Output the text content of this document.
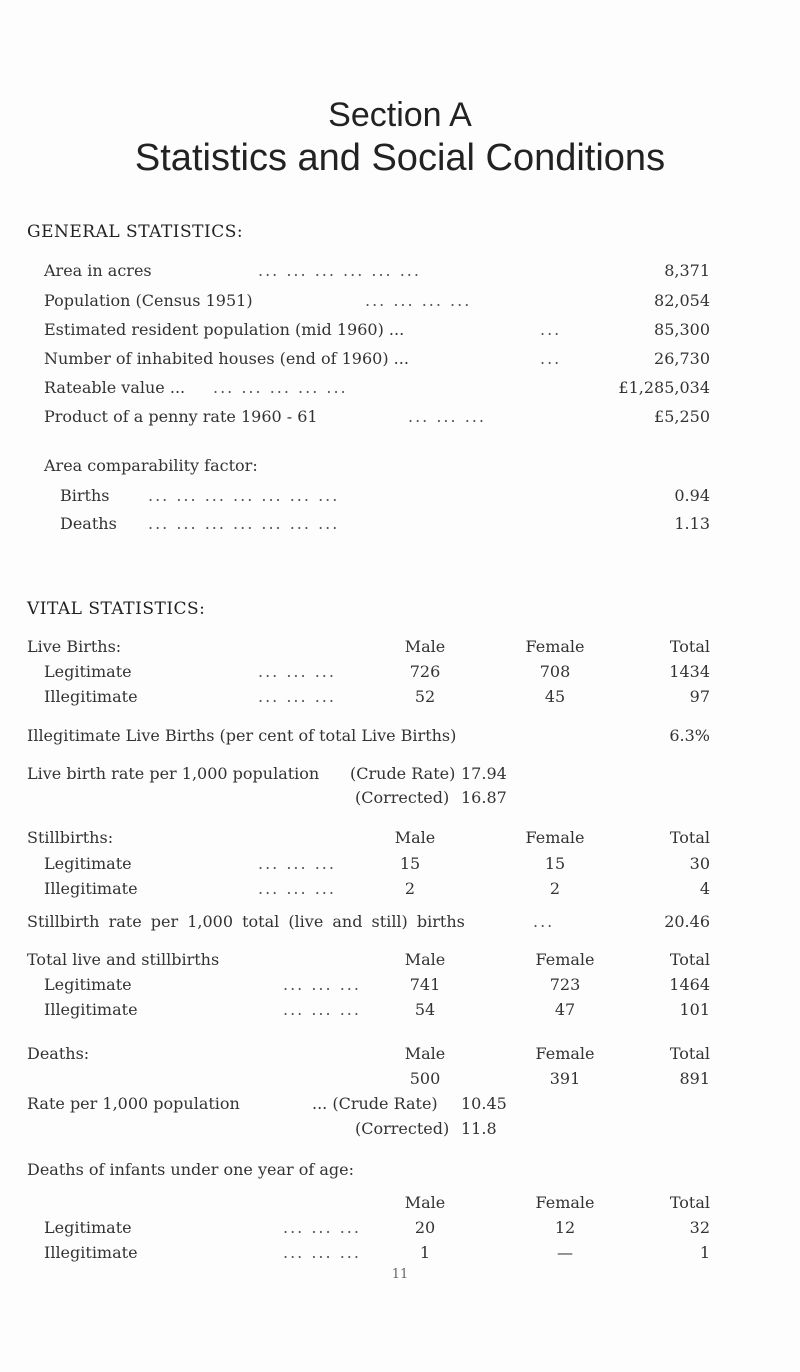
Section A
Statistics and Social Conditions
GENERAL STATISTICS:
Area in acres	... ... ... ... ... ...	8,371
Population (Census 1951)	... ... ... ...	82,054
Estimated resident population (mid 1960) ...	...	85,300
Number of inhabited houses (end of 1960) ...	...	26,730
Rateable value ... ... ... ... ... ...	£1,285,034
Product of a penny rate 1960 - 61	... ... ...	£5,250
Area comparability factor:
Births ... ... ... ... ... ... ...	0.94
Deaths ... ... ... ... ... ... ...	1.13
VITAL STATISTICS:
Live Births:	Male	Female	Total
Legitimate	... ... ...	726	708	1434
Illegitimate	... ... ...	52	45	97
Illegitimate Live Births (per cent of total Live Births)	6.3%
Live birth rate per 1,000 population (Crude Rate) 17.94
(Corrected) 16.87
Stillbirths:	Male	Female	Total
Legitimate	... ... ...	15	15	30
Illegitimate	... ... ...	2	2	4
Stillbirth rate per 1,000 total (live and still) births	...	20.46
Total live and stillbirths	Male	Female	Total
Legitimate	... ... ...	741	723	1464
Illegitimate	... ... ...	54	47	101
Deaths:	Male	Female	Total
500	391	891
Rate per 1,000 population	... (Crude Rate) 10.45
(Corrected) 11.8
Deaths of infants under one year of age:
Male	Female	Total
Legitimate	... ... ...	20	12	32
Illegitimate	... ... ...	1	—	1
11
